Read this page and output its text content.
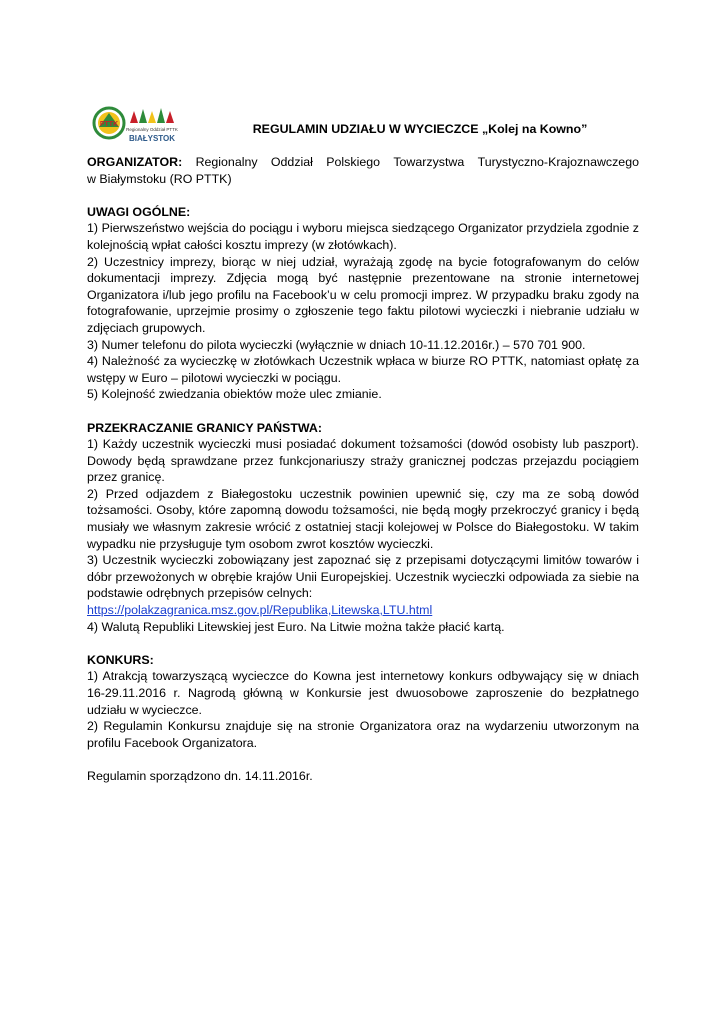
PTTK
Regionalny Oddział PTTK
BIAŁYSTOK
REGULAMIN UDZIAŁU W WYCIECZCE „Kolej na Kowno”
ORGANIZATOR: Regionalny Oddział Polskiego Towarzystwa Turystyczno-Krajoznawczego

w Białymstoku (RO PTTK)

UWAGI OGÓLNE:

1) Pierwszeństwo wejścia do pociągu i wyboru miejsca siedzącego Organizator przydziela zgodnie z kolejnością wpłat całości kosztu imprezy (w złotówkach).

2) Uczestnicy imprezy, biorąc w niej udział, wyrażają zgodę na bycie fotografowanym do celów dokumentacji imprezy. Zdjęcia mogą być następnie prezentowane na stronie internetowej Organizatora i/lub jego profilu na Facebook’u w celu promocji imprez. W przypadku braku zgody na fotografowanie, uprzejmie prosimy o zgłoszenie tego faktu pilotowi wycieczki i niebranie udziału w zdjęciach grupowych.

3) Numer telefonu do pilota wycieczki (wyłącznie w dniach 10-11.12.2016r.) – 570 701 900.

4) Należność za wycieczkę w złotówkach Uczestnik wpłaca w biurze RO PTTK, natomiast opłatę za wstępy w Euro – pilotowi wycieczki w pociągu.

5) Kolejność zwiedzania obiektów może ulec zmianie.

PRZEKRACZANIE GRANICY PAŃSTWA:

1) Każdy uczestnik wycieczki musi posiadać dokument tożsamości (dowód osobisty lub paszport). Dowody będą sprawdzane przez funkcjonariuszy straży granicznej podczas przejazdu pociągiem przez granicę.

2) Przed odjazdem z Białegostoku uczestnik powinien upewnić się, czy ma ze sobą dowód tożsamości. Osoby, które zapomną dowodu tożsamości, nie będą mogły przekroczyć granicy i będą musiały we własnym zakresie wrócić z ostatniej stacji kolejowej w Polsce do Białegostoku. W takim wypadku nie przysługuje tym osobom zwrot kosztów wycieczki.

3) Uczestnik wycieczki zobowiązany jest zapoznać się z przepisami dotyczącymi limitów towarów i dóbr przewożonych w obrębie krajów Unii Europejskiej. Uczestnik wycieczki odpowiada za siebie na podstawie odrębnych przepisów celnych:

https://polakzagranica.msz.gov.pl/Republika,Litewska,LTU.html

4) Walutą Republiki Litewskiej jest Euro. Na Litwie można także płacić kartą.

KONKURS:

1) Atrakcją towarzyszącą wycieczce do Kowna jest internetowy konkurs odbywający się w dniach 16-29.11.2016 r. Nagrodą główną w Konkursie jest dwuosobowe zaproszenie do bezpłatnego udziału w wycieczce.

2) Regulamin Konkursu znajduje się na stronie Organizatora oraz na wydarzeniu utworzonym na profilu Facebook Organizatora.

Regulamin sporządzono dn. 14.11.2016r.
